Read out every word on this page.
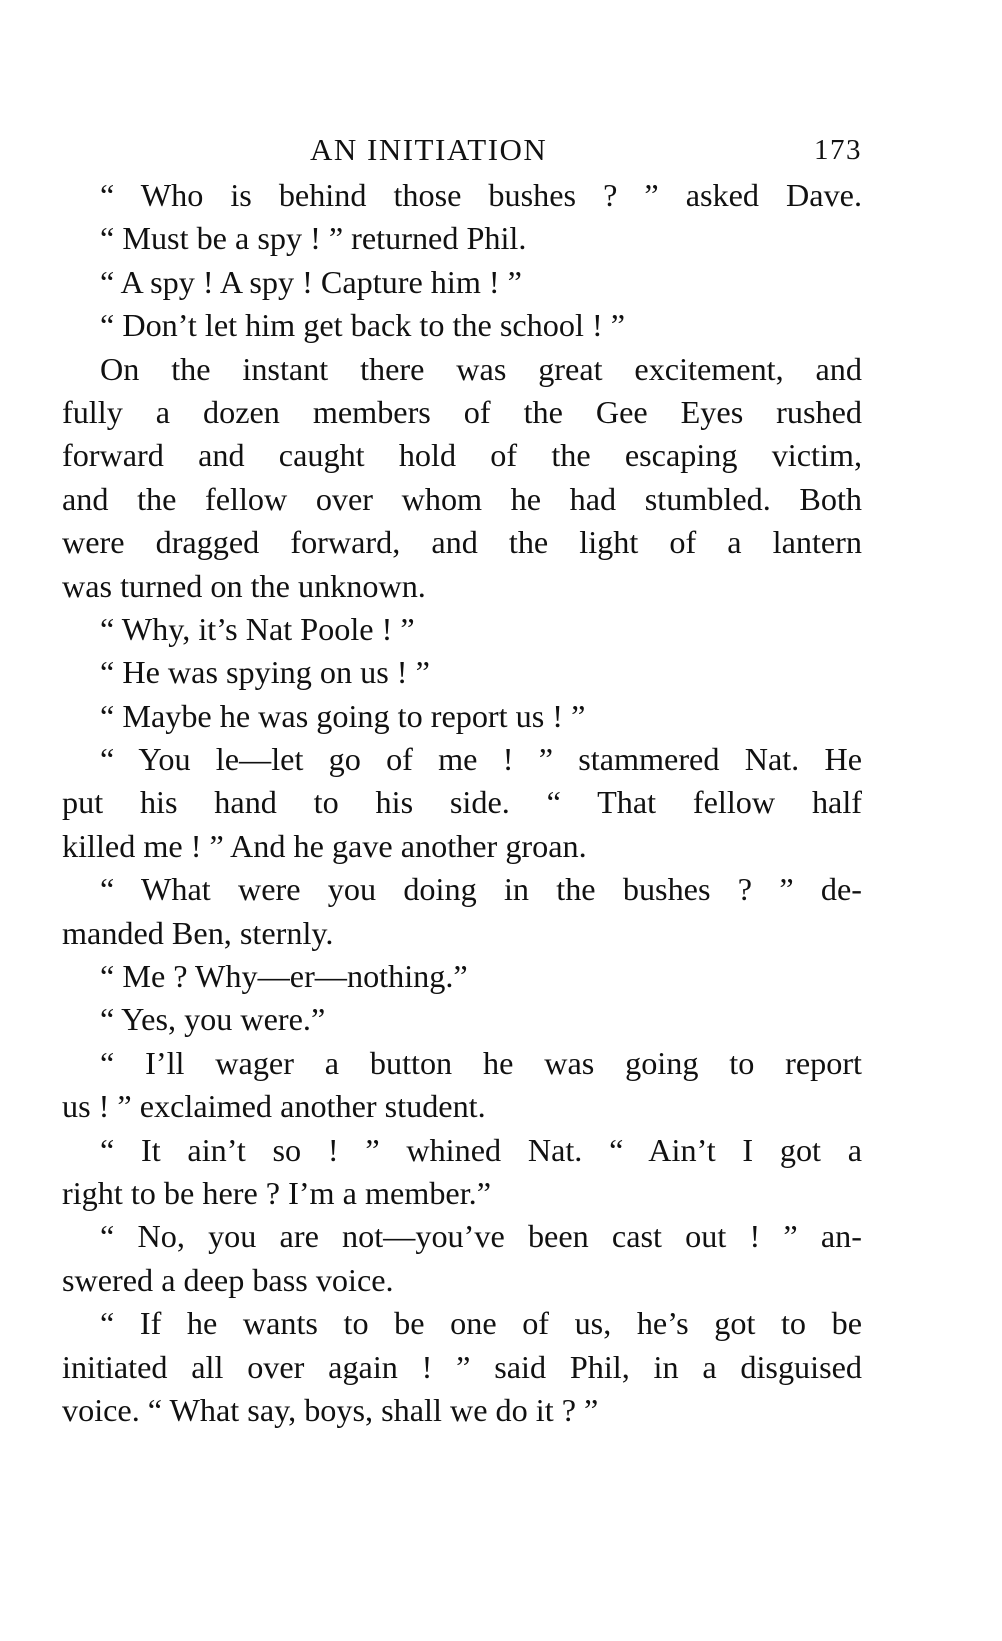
AN INITIATION	173
“ Who is behind those bushes ? ” asked Dave.
“ Must be a spy ! ” returned Phil.
“ A spy ! A spy ! Capture him ! ”
“ Don’t let him get back to the school ! ”
On the instant there was great excitement, and
fully a dozen members of the Gee Eyes rushed
forward and caught hold of the escaping victim,
and the fellow over whom he had stumbled. Both
were dragged forward, and the light of a lantern
was turned on the unknown.
“ Why, it’s Nat Poole ! ”
“ He was spying on us ! ”
“ Maybe he was going to report us ! ”
“ You le—let go of me ! ” stammered Nat. He
put his hand to his side. “ That fellow half
killed me ! ” And he gave another groan.
“ What were you doing in the bushes ? ” de-
manded Ben, sternly.
“ Me ? Why—er—nothing.”
“ Yes, you were.”
“ I’ll wager a button he was going to report
us ! ” exclaimed another student.
“ It ain’t so ! ” whined Nat. “ Ain’t I got a
right to be here ? I’m a member.”
“ No, you are not—you’ve been cast out ! ” an-
swered a deep bass voice.
“ If he wants to be one of us, he’s got to be
initiated all over again ! ” said Phil, in a disguised
voice. “ What say, boys, shall we do it ? ”
